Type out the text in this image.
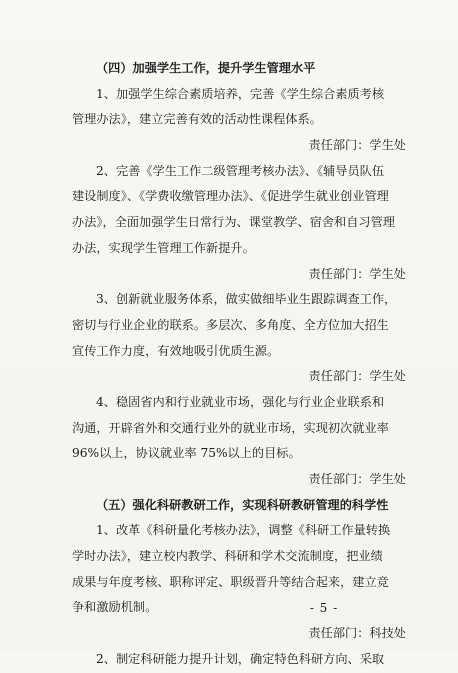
（四）加强学生工作，提升学生管理水平
1、加强学生综合素质培养，完善《学生综合素质考核
管理办法》，建立完善有效的活动性课程体系。
责任部门：学生处
2、完善《学生工作二级管理考核办法》、《辅导员队伍
建设制度》、《学费收缴管理办法》、《促进学生就业创业管理
办法》，全面加强学生日常行为、课堂教学、宿舍和自习管理
办法，实现学生管理工作新提升。
责任部门：学生处
3、创新就业服务体系，做实做细毕业生跟踪调查工作，
密切与行业企业的联系。多层次、多角度、全方位加大招生
宣传工作力度，有效地吸引优质生源。
责任部门：学生处
4、稳固省内和行业就业市场，强化与行业企业联系和
沟通，开辟省外和交通行业外的就业市场，实现初次就业率
96%以上，协议就业率 75%以上的目标。
责任部门：学生处
（五）强化科研教研工作，实现科研教研管理的科学性
1、改革《科研量化考核办法》，调整《科研工作量转换
学时办法》，建立校内教学、科研和学术交流制度，把业绩
成果与年度考核、职称评定、职级晋升等结合起来，建立竞
争和激励机制。
责任部门：科技处
2、制定科研能力提升计划，确定特色科研方向、采取
- 5 -
